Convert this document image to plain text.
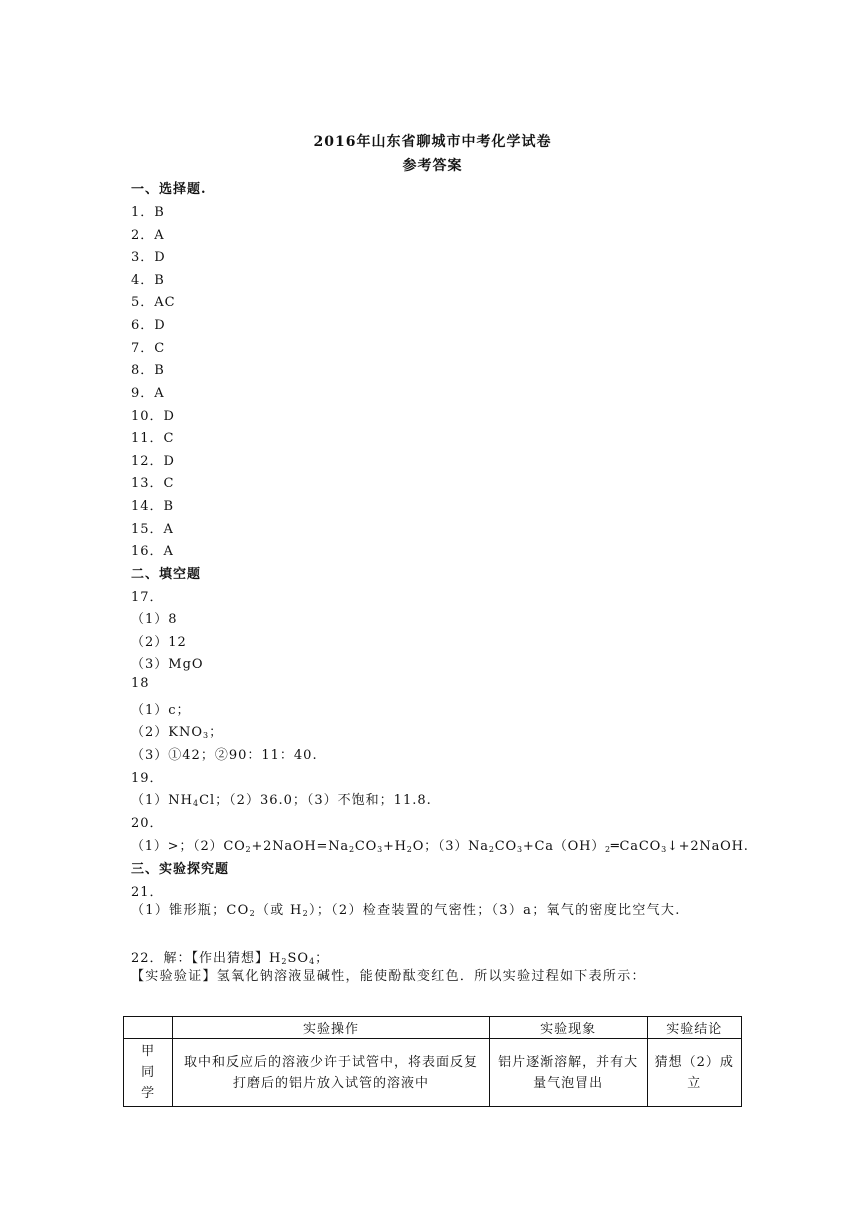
2016年山东省聊城市中考化学试卷
参考答案
一、选择题.
1．B
2．A
3．D
4．B
5．AC
6．D
7．C
8．B
9．A
10．D
11．C
12．D
13．C
14．B
15．A
16．A
二、填空题
17．
（1）8
（2）12
（3）MgO
18
（1）c；
$(2)KNO_3$；
（3）①42；②90：11：40.
19．
$(1)NH_4Cl$；（2）36.0；（3）不饱和；11.8.
20．
（1）>；$(2)CO_2+2NaOH=Na_2CO_3+H_2O$；$(3)Na_2CO_3+Ca(OH)_2═CaCO_3↓+2NaOH$.
三、实验探究题
21．
（1）锥形瓶；$CO_2$（或 $H_2$）；（2）检查装置的气密性；（3）a；氧气的密度比空气大.
22．解：【作出猜想】$H_2SO_4$；
【实验验证】氢氧化钠溶液显碱性，能使酚酞变红色．所以实验过程如下表所示：
	实验操作	实验现象	实验结论
甲同学	取中和反应后的溶液少许于试管中，将表面反复打磨后的铝片放入试管的溶液中	铝片逐渐溶解，并有大量气泡冒出	猜想（2）成立
